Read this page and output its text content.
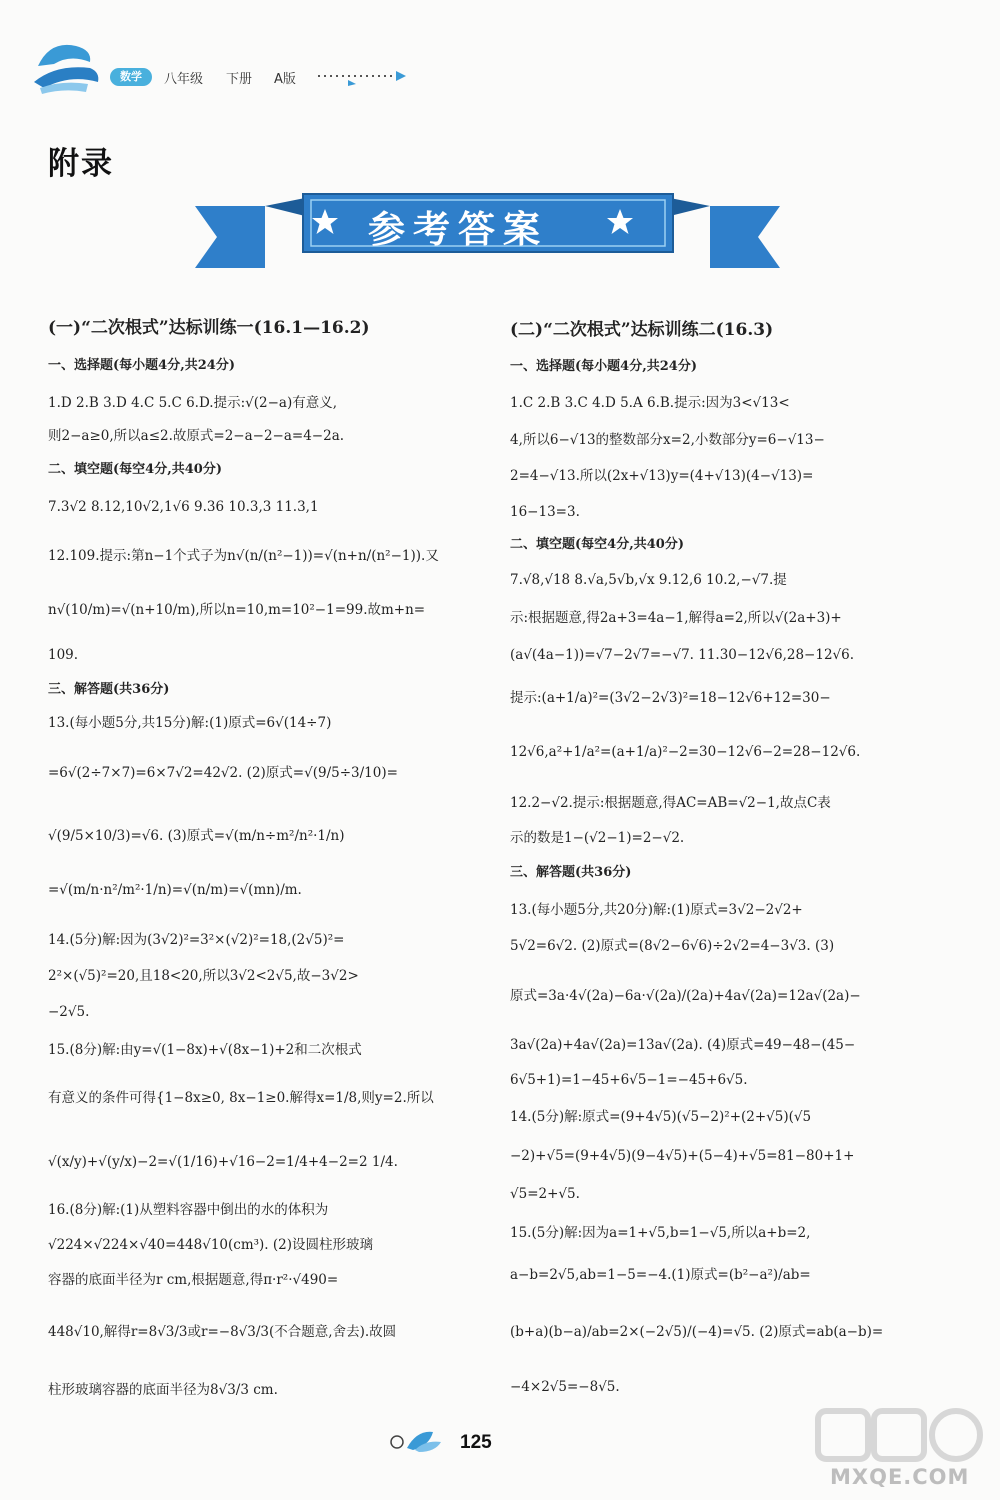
数学	八年级 下册 A版
附录
参考答案
(一)“二次根式”达标训练一(16.1—16.2)
一、选择题(每小题4分,共24分)
1.D 2.B 3.D 4.C 5.C 6.D.提示:√(2−a)有意义,
则2−a≥0,所以a≤2.故原式=2−a−2−a=4−2a.
二、填空题(每空4分,共40分)
7.3√2 8.12,10√2,1√6 9.36 10.3,3 11.3,1
12.109.提示:第n−1个式子为n√(n/(n²−1))=√(n+n/(n²−1)).又
n√(10/m)=√(n+10/m),所以n=10,m=10²−1=99.故m+n=
109.
三、解答题(共36分)
13.(每小题5分,共15分)解:(1)原式=6√(14÷7)
=6√(2÷7×7)=6×7√2=42√2. (2)原式=√(9/5÷3/10)=
√(9/5×10/3)=√6. (3)原式=√(m/n÷m²/n²·1/n)
=√(m/n·n²/m²·1/n)=√(n/m)=√(mn)/m.
14.(5分)解:因为(3√2)²=3²×(√2)²=18,(2√5)²=
2²×(√5)²=20,且18<20,所以3√2<2√5,故−3√2>
−2√5.
15.(8分)解:由y=√(1−8x)+√(8x−1)+2和二次根式
有意义的条件可得{1−8x≥0, 8x−1≥0.解得x=1/8,则y=2.所以
√(x/y)+√(y/x)−2=√(1/16)+√16−2=1/4+4−2=2 1/4.
16.(8分)解:(1)从塑料容器中倒出的水的体积为
√224×√224×√40=448√10(cm³). (2)设圆柱形玻璃
容器的底面半径为r cm,根据题意,得π·r²·√490=
448√10,解得r=8√3/3或r=−8√3/3(不合题意,舍去).故圆
柱形玻璃容器的底面半径为8√3/3 cm.
(二)“二次根式”达标训练二(16.3)
一、选择题(每小题4分,共24分)
1.C 2.B 3.C 4.D 5.A 6.B.提示:因为3<√13<
4,所以6−√13的整数部分x=2,小数部分y=6−√13−
2=4−√13.所以(2x+√13)y=(4+√13)(4−√13)=
16−13=3.
二、填空题(每空4分,共40分)
7.√8,√18 8.√a,5√b,√x 9.12,6 10.2,−√7.提
示:根据题意,得2a+3=4a−1,解得a=2,所以√(2a+3)+
(a√(4a−1))=√7−2√7=−√7. 11.30−12√6,28−12√6.
提示:(a+1/a)²=(3√2−2√3)²=18−12√6+12=30−
12√6,a²+1/a²=(a+1/a)²−2=30−12√6−2=28−12√6.
12.2−√2.提示:根据题意,得AC=AB=√2−1,故点C表
示的数是1−(√2−1)=2−√2.
三、解答题(共36分)
13.(每小题5分,共20分)解:(1)原式=3√2−2√2+
5√2=6√2. (2)原式=(8√2−6√6)÷2√2=4−3√3. (3)
原式=3a·4√(2a)−6a·√(2a)/(2a)+4a√(2a)=12a√(2a)−
3a√(2a)+4a√(2a)=13a√(2a). (4)原式=49−48−(45−
6√5+1)=1−45+6√5−1=−45+6√5.
14.(5分)解:原式=(9+4√5)(√5−2)²+(2+√5)(√5
−2)+√5=(9+4√5)(9−4√5)+(5−4)+√5=81−80+1+
√5=2+√5.
15.(5分)解:因为a=1+√5,b=1−√5,所以a+b=2,
a−b=2√5,ab=1−5=−4.(1)原式=(b²−a²)/ab=
(b+a)(b−a)/ab=2×(−2√5)/(−4)=√5. (2)原式=ab(a−b)=
−4×2√5=−8√5.
125
MXQE.COM
